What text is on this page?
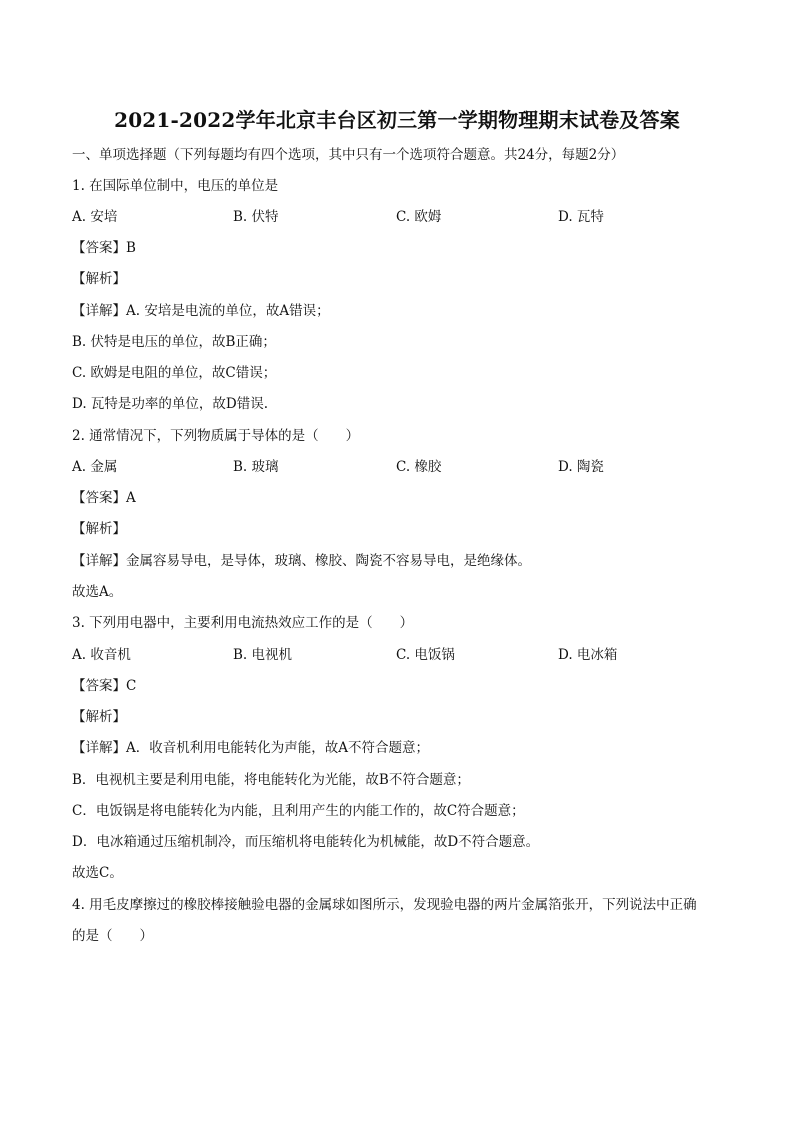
2021-2022学年北京丰台区初三第一学期物理期末试卷及答案
一、单项选择题（下列每题均有四个选项，其中只有一个选项符合题意。共24分，每题2分）
1. 在国际单位制中，电压的单位是
A. 安培	B. 伏特	C. 欧姆	D. 瓦特
【答案】B
【解析】
【详解】A. 安培是电流的单位，故A错误；
B. 伏特是电压的单位，故B正确；
C. 欧姆是电阻的单位，故C错误；
D. 瓦特是功率的单位，故D错误.
2. 通常情况下，下列物质属于导体的是（　　）
A. 金属	B. 玻璃	C. 橡胶	D. 陶瓷
【答案】A
【解析】
【详解】金属容易导电，是导体，玻璃、橡胶、陶瓷不容易导电，是绝缘体。
故选A。
3. 下列用电器中，主要利用电流热效应工作的是（　　）
A. 收音机	B. 电视机	C. 电饭锅	D. 电冰箱
【答案】C
【解析】
【详解】A．收音机利用电能转化为声能，故A不符合题意；
B．电视机主要是利用电能，将电能转化为光能，故B不符合题意；
C．电饭锅是将电能转化为内能，且利用产生的内能工作的，故C符合题意；
D．电冰箱通过压缩机制冷，而压缩机将电能转化为机械能，故D不符合题意。
故选C。
4. 用毛皮摩擦过的橡胶棒接触验电器的金属球如图所示，发现验电器的两片金属箔张开，下列说法中正确
的是（　　）
